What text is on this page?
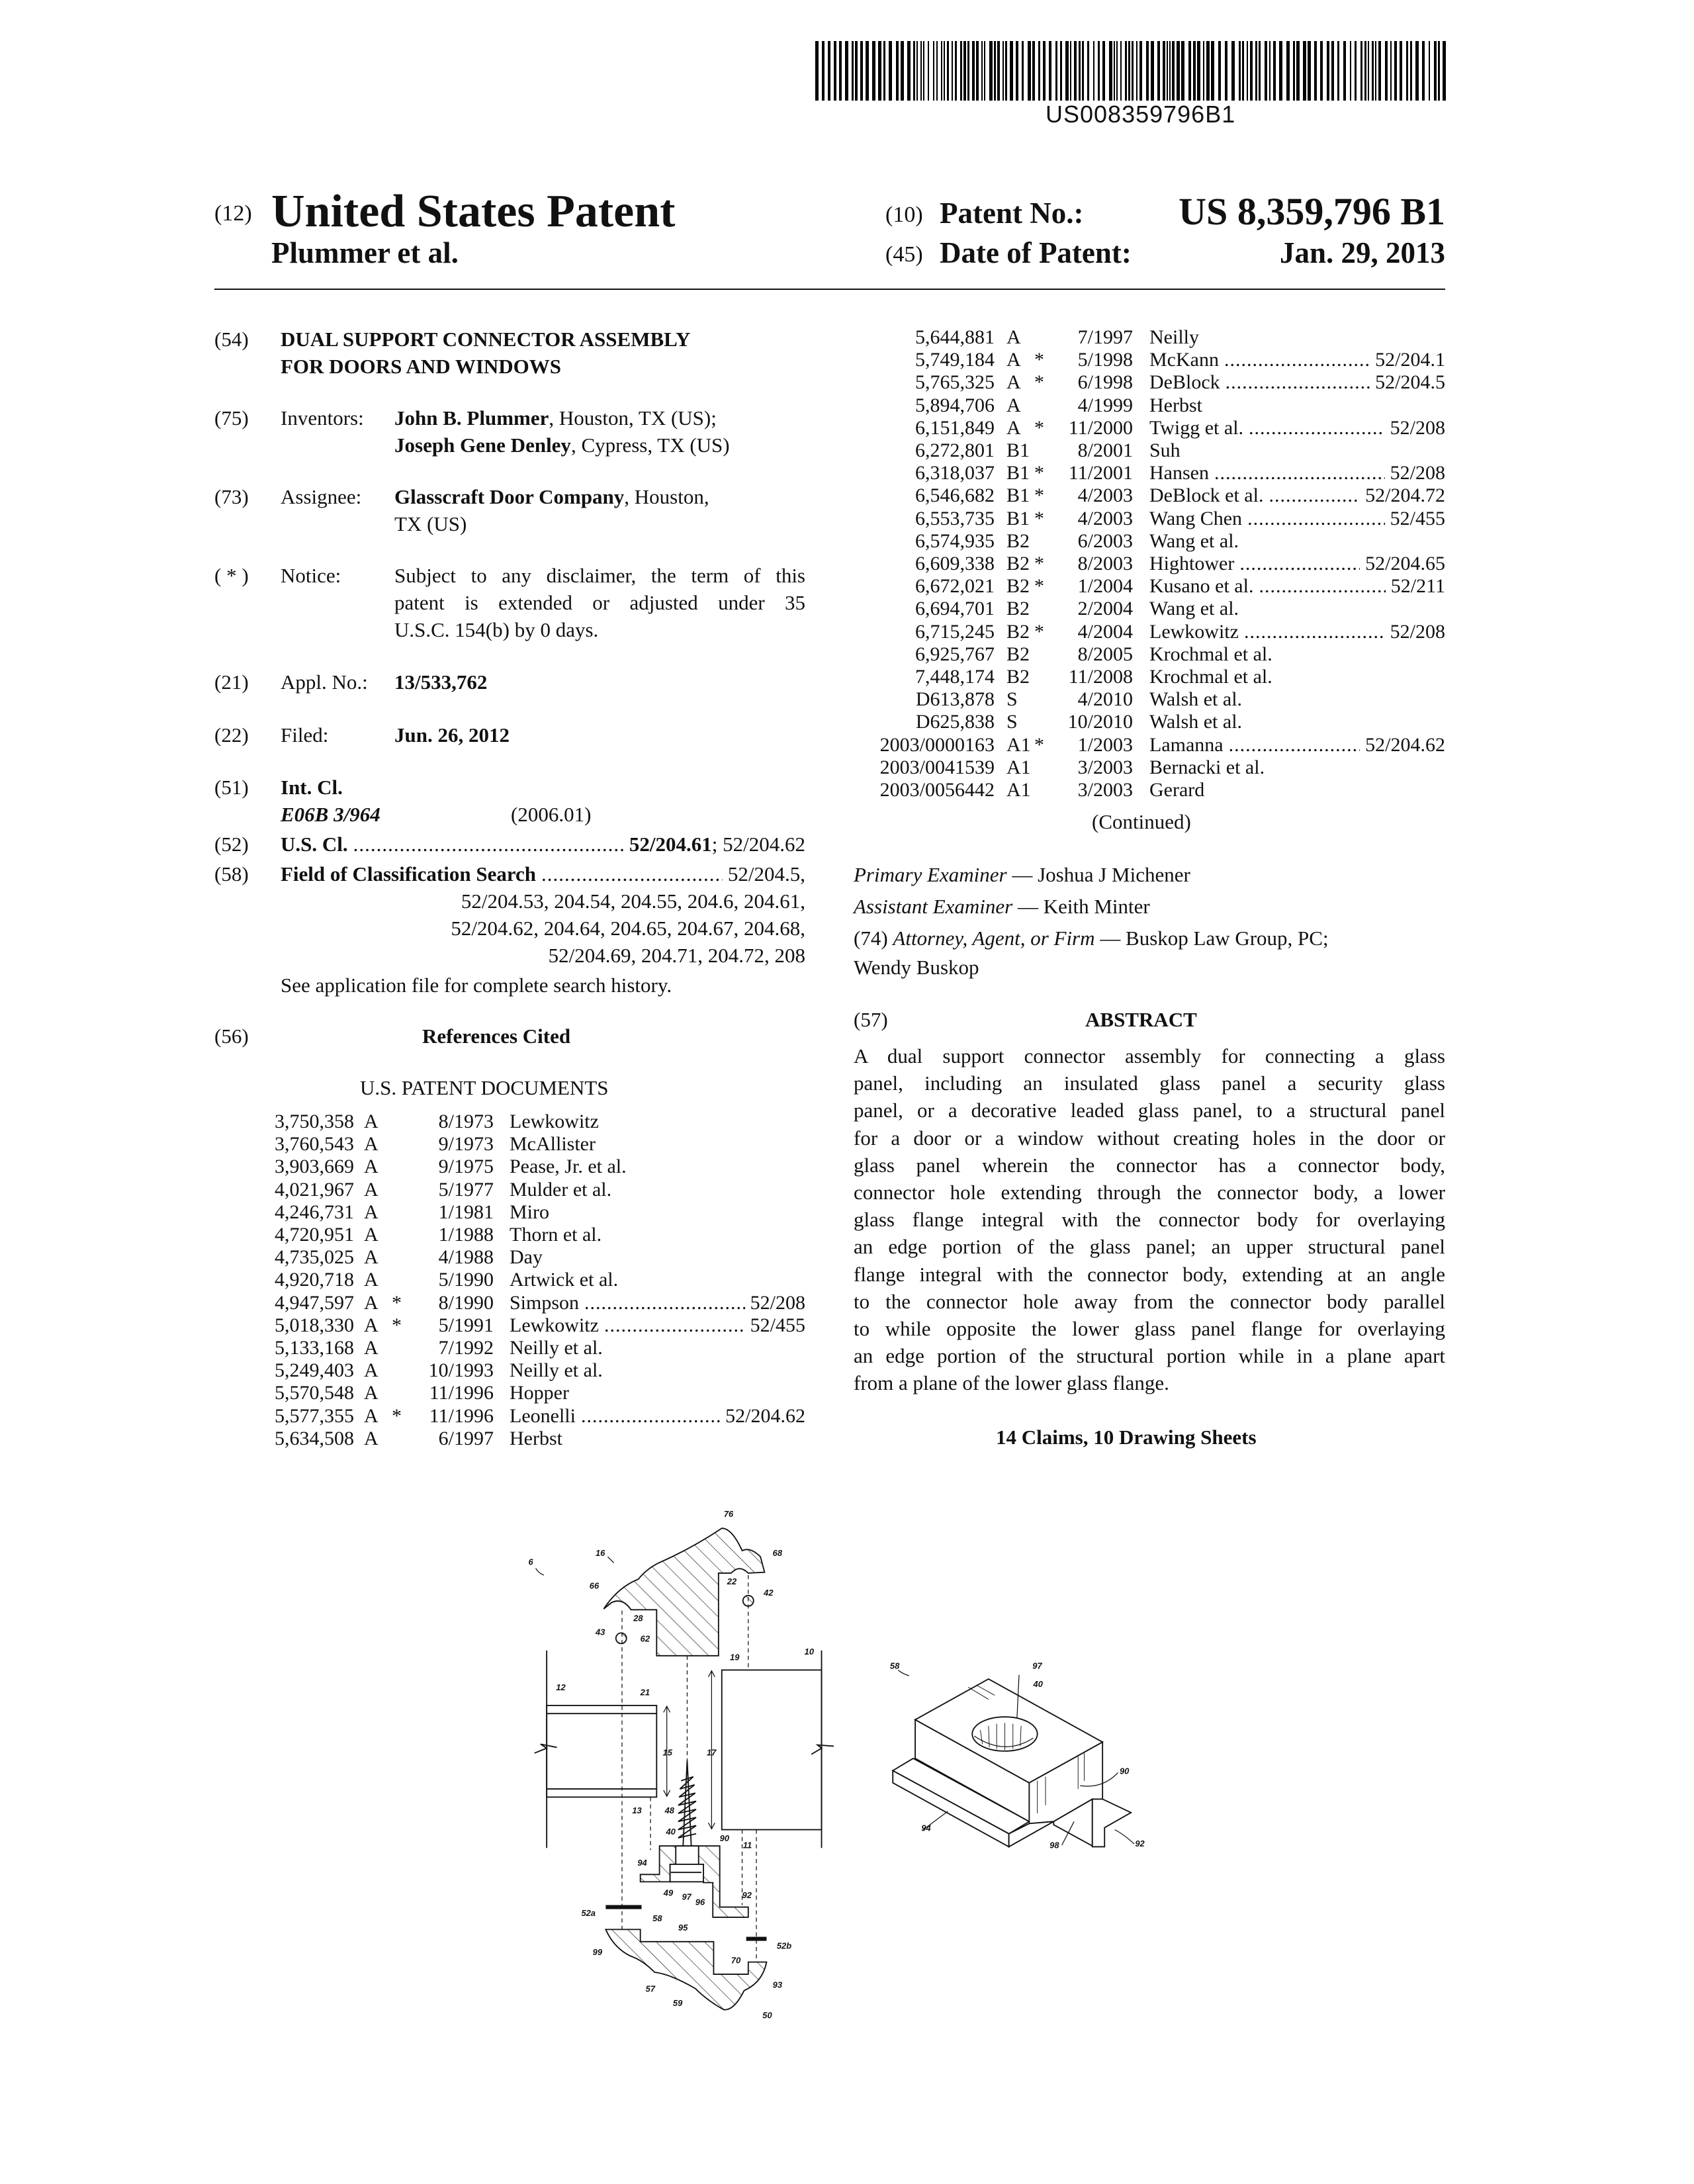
US008359796B1
(12) United States Patent
Plummer et al.
(10) Patent No.: US 8,359,796 B1
(45) Date of Patent:	Jan. 29, 2013
(54) DUAL SUPPORT CONNECTOR ASSEMBLY
FOR DOORS AND WINDOWS
(75) Inventors: John B. Plummer, Houston, TX (US);
Joseph Gene Denley, Cypress, TX (US)
(73) Assignee: Glasscraft Door Company, Houston,
TX (US)
( * ) Notice:	Subject to any disclaimer, the term of this
patent is extended or adjusted under 35
U.S.C. 154(b) by 0 days.
(21) Appl. No.: 13/533,762
(22) Filed:	Jun. 26, 2012
(51) Int. Cl.
E06B 3/964	(2006.01)
(52) U.S. Cl. .....	52/204.61; 52/204.62
(58) Field of Classification Search .....	52/204.5,
52/204.53, 204.54, 204.55, 204.6, 204.61,
52/204.62, 204.64, 204.65, 204.67, 204.68,
52/204.69, 204.71, 204.72, 208
See application file for complete search history.
(56)	References Cited
U.S. PATENT DOCUMENTS
3,750,358 A	8/1973 Lewkowitz
3,760,543 A	9/1973 McAllister
3,903,669 A	9/1975 Pease, Jr. et al.
4,021,967 A	5/1977 Mulder et al.
4,246,731 A	1/1981 Miro
4,720,951 A	1/1988 Thorn et al.
4,735,025 A	4/1988 Day
4,920,718 A	5/1990 Artwick et al.
4,947,597 A * 8/1990 Simpson .....	52/208
5,018,330 A * 5/1991 Lewkowitz .....	52/455
5,133,168 A	7/1992 Neilly et al.
5,249,403 A	10/1993 Neilly et al.
5,570,548 A	11/1996 Hopper
5,577,355 A * 11/1996 Leonelli .....	52/204.62
5,634,508 A	6/1997 Herbst
5,644,881 A	7/1997 Neilly
5,749,184 A * 5/1998 McKann .....	52/204.1
5,765,325 A * 6/1998 DeBlock .....	52/204.5
5,894,706 A	4/1999 Herbst
6,151,849 A * 11/2000 Twigg et al. .....	52/208
6,272,801 B1 8/2001 Suh
6,318,037 B1 * 11/2001 Hansen .....	52/208
6,546,682 B1 * 4/2003 DeBlock et al. .....	52/204.72
6,553,735 B1 * 4/2003 Wang Chen .....	52/455
6,574,935 B2 6/2003 Wang et al.
6,609,338 B2 * 8/2003 Hightower .....	52/204.65
6,672,021 B2 * 1/2004 Kusano et al. .....	52/211
6,694,701 B2 2/2004 Wang et al.
6,715,245 B2 * 4/2004 Lewkowitz .....	52/208
6,925,767 B2 8/2005 Krochmal et al.
7,448,174 B2 11/2008 Krochmal et al.
D613,878 S	4/2010 Walsh et al.
D625,838 S	10/2010 Walsh et al.
2003/0000163 A1 * 1/2003 Lamanna .....	52/204.62
2003/0041539 A1 3/2003 Bernacki et al.
2003/0056442 A1 3/2003 Gerard
(Continued)
Primary Examiner — Joshua J Michener
Assistant Examiner — Keith Minter
(74) Attorney, Agent, or Firm — Buskop Law Group, PC;
Wendy Buskop
(57)	ABSTRACT
A dual support connector assembly for connecting a glass
panel, including an insulated glass panel a security glass
panel, or a decorative leaded glass panel, to a structural panel
for a door or a window without creating holes in the door or
glass panel wherein the connector has a connector body,
connector hole extending through the connector body, a lower
glass flange integral with the connector body for overlaying
an edge portion of the glass panel; an upper structural panel
flange integral with the connector body, extending at an angle
to the connector hole away from the connector body parallel
to while opposite the lower glass panel flange for overlaying
an edge portion of the structural portion while in a plane apart
from a plane of the lower glass flange.
14 Claims, 10 Drawing Sheets
6
16
76
68
66	22
42
28
43
62
10
19
12	21
15 17
13 48
40
90
11
94
49 97
96
92
58
52a
95
52b
99
70
93
57
59
50
58	97
40
90
94
98	92
